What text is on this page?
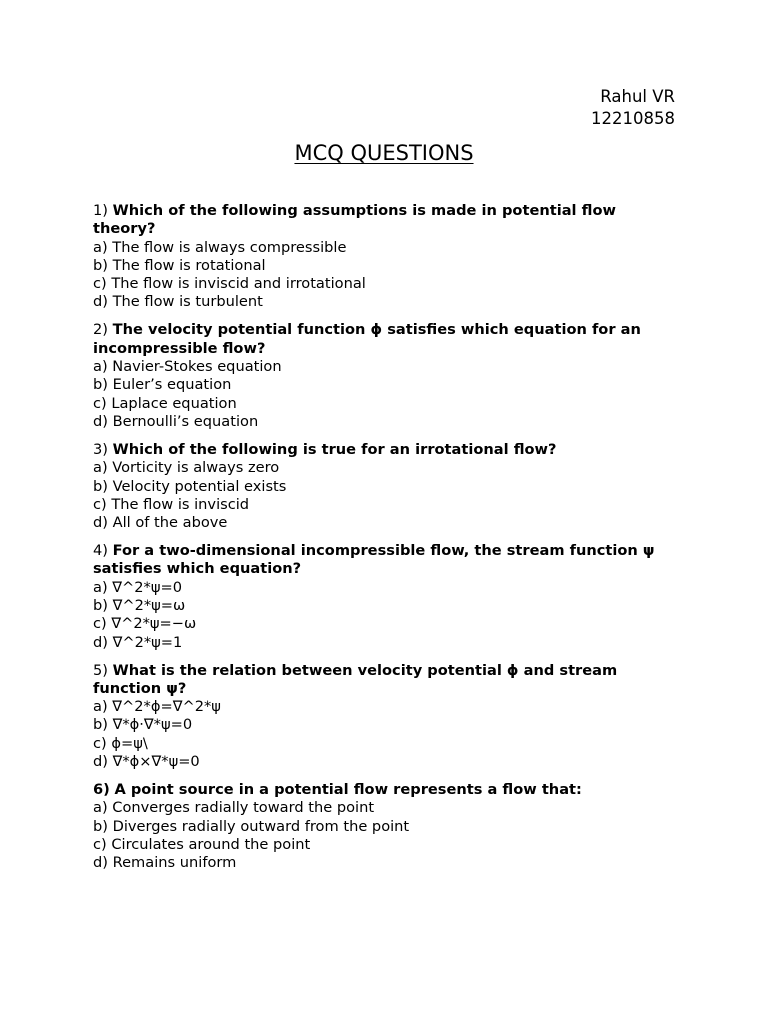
Rahul VR
12210858
MCQ QUESTIONS

1) Which of the following assumptions is made in potential flow theory?

a) The flow is always compressible

b) The flow is rotational

c) The flow is inviscid and irrotational

d) The flow is turbulent

2) The velocity potential function ϕ satisfies which equation for an incompressible flow?

a) Navier-Stokes equation

b) Euler’s equation

c) Laplace equation

d) Bernoulli’s equation

3) Which of the following is true for an irrotational flow?

a) Vorticity is always zero

b) Velocity potential exists

c) The flow is inviscid

d) All of the above

4) For a two-dimensional incompressible flow, the stream function ψ satisfies which equation?

a) ∇^2*ψ=0

b) ∇^2*ψ=ω

c) ∇^2*ψ=−ω

d) ∇^2*ψ=1

5) What is the relation between velocity potential ϕ and stream function ψ?

a) ∇^2*ϕ=∇^2*ψ

b) ∇*ϕ⋅∇*ψ=0

c) ϕ=ψ\

d) ∇*ϕ×∇*ψ=0

6) A point source in a potential flow represents a flow that:

a) Converges radially toward the point

b) Diverges radially outward from the point

c) Circulates around the point

d) Remains uniform
